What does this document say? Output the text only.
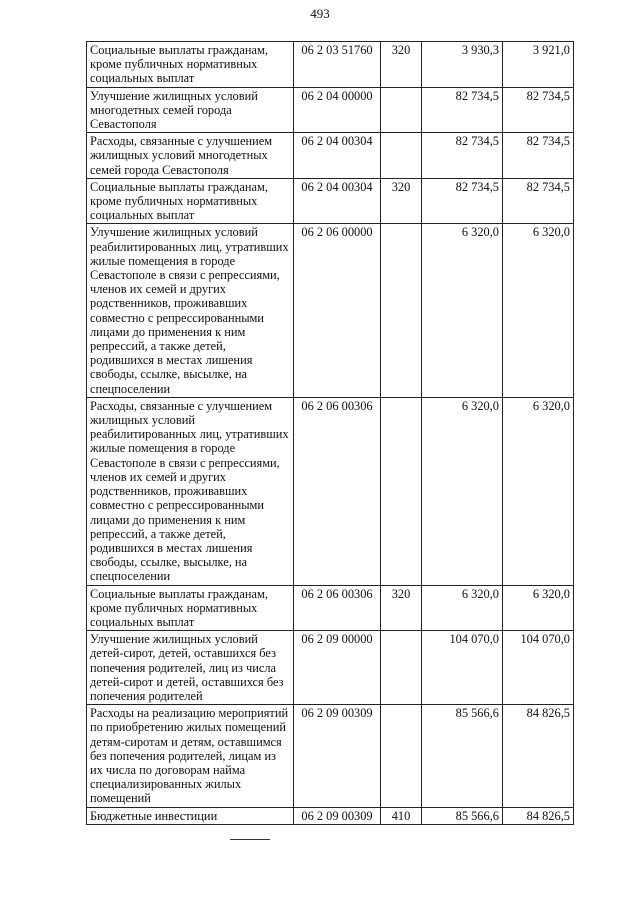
493
Социальные выплаты гражданам, кроме публичных нормативных социальных выплат	06 2 03 51760	320	3 930,3	3 921,0
Улучшение жилищных условий многодетных семей города Севастополя	06 2 04 00000		82 734,5	82 734,5
Расходы, связанные с улучшением жилищных условий многодетных семей города Севастополя	06 2 04 00304		82 734,5	82 734,5
Социальные выплаты гражданам, кроме публичных нормативных социальных выплат	06 2 04 00304	320	82 734,5	82 734,5
Улучшение жилищных условий реабилитированных лиц, утративших жилые помещения в городе Севастополе в связи с репрессиями, членов их семей и других родственников, проживавших совместно с репрессированными лицами до применения к ним репрессий, а также детей, родившихся в местах лишения свободы, ссылке, высылке, на спецпоселении	06 2 06 00000		6 320,0	6 320,0
Расходы, связанные с улучшением жилищных условий реабилитированных лиц, утративших жилые помещения в городе Севастополе в связи с репрессиями, членов их семей и других родственников, проживавших совместно с репрессированными лицами до применения к ним репрессий, а также детей, родившихся в местах лишения свободы, ссылке, высылке, на спецпоселении	06 2 06 00306		6 320,0	6 320,0
Социальные выплаты гражданам, кроме публичных нормативных социальных выплат	06 2 06 00306	320	6 320,0	6 320,0
Улучшение жилищных условий детей-сирот, детей, оставшихся без попечения родителей, лиц из числа детей-сирот и детей, оставшихся без попечения родителей	06 2 09 00000		104 070,0	104 070,0
Расходы на реализацию мероприятий по приобретению жилых помещений детям-сиротам и детям, оставшимся без попечения родителей, лицам из их числа по договорам найма специализированных жилых помещений	06 2 09 00309		85 566,6	84 826,5
Бюджетные инвестиции	06 2 09 00309	410	85 566,6	84 826,5
